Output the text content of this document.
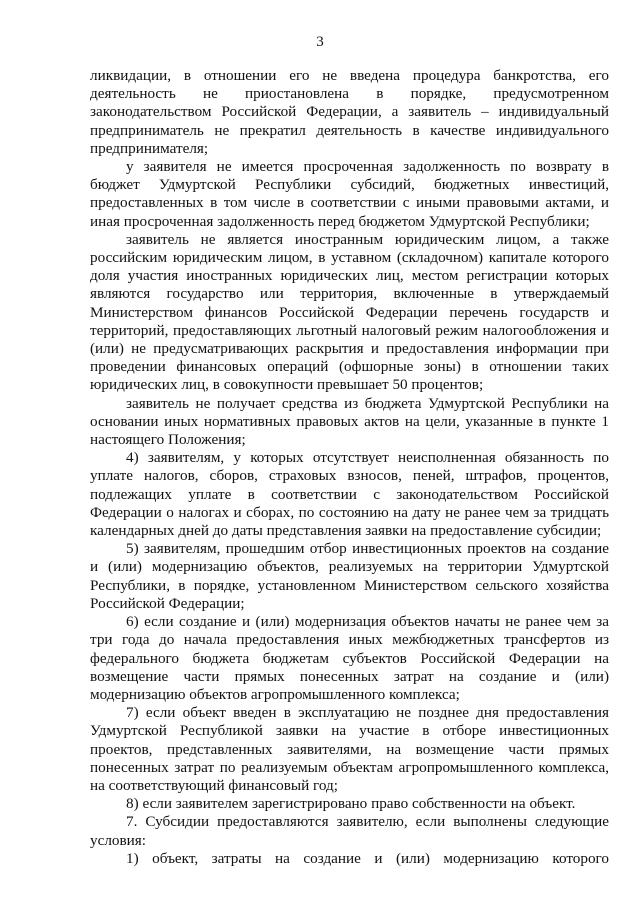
3

ликвидации, в отношении его не введена процедура банкротства, его деятельность не приостановлена в порядке, предусмотренном законодательством Российской Федерации, а заявитель – индивидуальный предприниматель не прекратил деятельность в качестве индивидуального предпринимателя;

у заявителя не имеется просроченная задолженность по возврату в бюджет Удмуртской Республики субсидий, бюджетных инвестиций, предоставленных в том числе в соответствии с иными правовыми актами, и иная просроченная задолженность перед бюджетом Удмуртской Республики;

заявитель не является иностранным юридическим лицом, а также российским юридическим лицом, в уставном (складочном) капитале которого доля участия иностранных юридических лиц, местом регистрации которых являются государство или территория, включенные в утверждаемый Министерством финансов Российской Федерации перечень государств и территорий, предоставляющих льготный налоговый режим налогообложения и (или) не предусматривающих раскрытия и предоставления информации при проведении финансовых операций (офшорные зоны) в отношении таких юридических лиц, в совокупности превышает 50 процентов;

заявитель не получает средства из бюджета Удмуртской Республики на основании иных нормативных правовых актов на цели, указанные в пункте 1 настоящего Положения;

4) заявителям, у которых отсутствует неисполненная обязанность по уплате налогов, сборов, страховых взносов, пеней, штрафов, процентов, подлежащих уплате в соответствии с законодательством Российской Федерации о налогах и сборах, по состоянию на дату не ранее чем за тридцать календарных дней до даты представления заявки на предоставление субсидии;

5) заявителям, прошедшим отбор инвестиционных проектов на создание и (или) модернизацию объектов, реализуемых на территории Удмуртской Республики, в порядке, установленном Министерством сельского хозяйства Российской Федерации;

6) если создание и (или) модернизация объектов начаты не ранее чем за три года до начала предоставления иных межбюджетных трансфертов из федерального бюджета бюджетам субъектов Российской Федерации на возмещение части прямых понесенных затрат на создание и (или) модернизацию объектов агропромышленного комплекса;

7) если объект введен в эксплуатацию не позднее дня предоставления Удмуртской Республикой заявки на участие в отборе инвестиционных проектов, представленных заявителями, на возмещение части прямых понесенных затрат по реализуемым объектам агропромышленного комплекса, на соответствующий финансовый год;

8) если заявителем зарегистрировано право собственности на объект.

7. Субсидии предоставляются заявителю, если выполнены следующие условия:

1) объект, затраты на создание и (или) модернизацию которого
